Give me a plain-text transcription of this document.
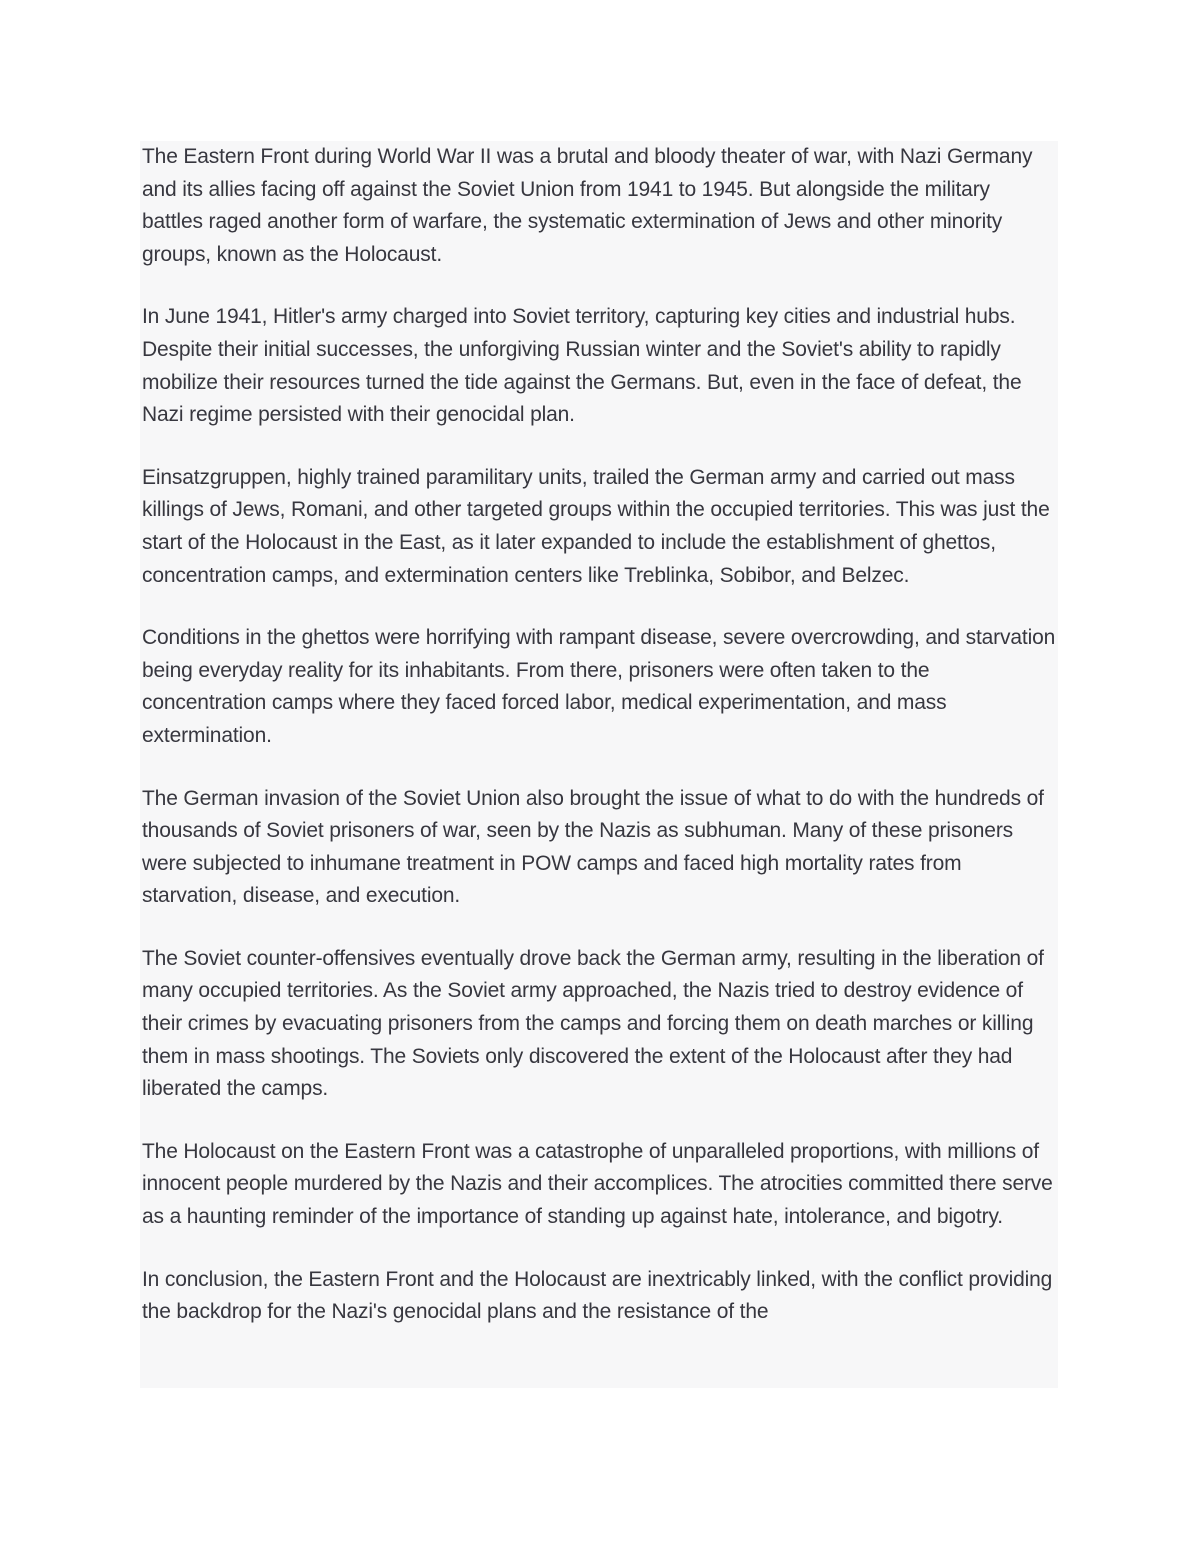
The Eastern Front during World War II was a brutal and bloody theater of war, with Nazi Germany and its allies facing off against the Soviet Union from 1941 to 1945. But alongside the military battles raged another form of warfare, the systematic extermination of Jews and other minority groups, known as the Holocaust.

In June 1941, Hitler's army charged into Soviet territory, capturing key cities and industrial hubs. Despite their initial successes, the unforgiving Russian winter and the Soviet's ability to rapidly mobilize their resources turned the tide against the Germans. But, even in the face of defeat, the Nazi regime persisted with their genocidal plan.

Einsatzgruppen, highly trained paramilitary units, trailed the German army and carried out mass killings of Jews, Romani, and other targeted groups within the occupied territories. This was just the start of the Holocaust in the East, as it later expanded to include the establishment of ghettos, concentration camps, and extermination centers like Treblinka, Sobibor, and Belzec.

Conditions in the ghettos were horrifying with rampant disease, severe overcrowding, and starvation being everyday reality for its inhabitants. From there, prisoners were often taken to the concentration camps where they faced forced labor, medical experimentation, and mass extermination.

The German invasion of the Soviet Union also brought the issue of what to do with the hundreds of thousands of Soviet prisoners of war, seen by the Nazis as subhuman. Many of these prisoners were subjected to inhumane treatment in POW camps and faced high mortality rates from starvation, disease, and execution.

The Soviet counter-offensives eventually drove back the German army, resulting in the liberation of many occupied territories. As the Soviet army approached, the Nazis tried to destroy evidence of their crimes by evacuating prisoners from the camps and forcing them on death marches or killing them in mass shootings. The Soviets only discovered the extent of the Holocaust after they had liberated the camps.

The Holocaust on the Eastern Front was a catastrophe of unparalleled proportions, with millions of innocent people murdered by the Nazis and their accomplices. The atrocities committed there serve as a haunting reminder of the importance of standing up against hate, intolerance, and bigotry.

In conclusion, the Eastern Front and the Holocaust are inextricably linked, with the conflict providing the backdrop for the Nazi's genocidal plans and the resistance of the
